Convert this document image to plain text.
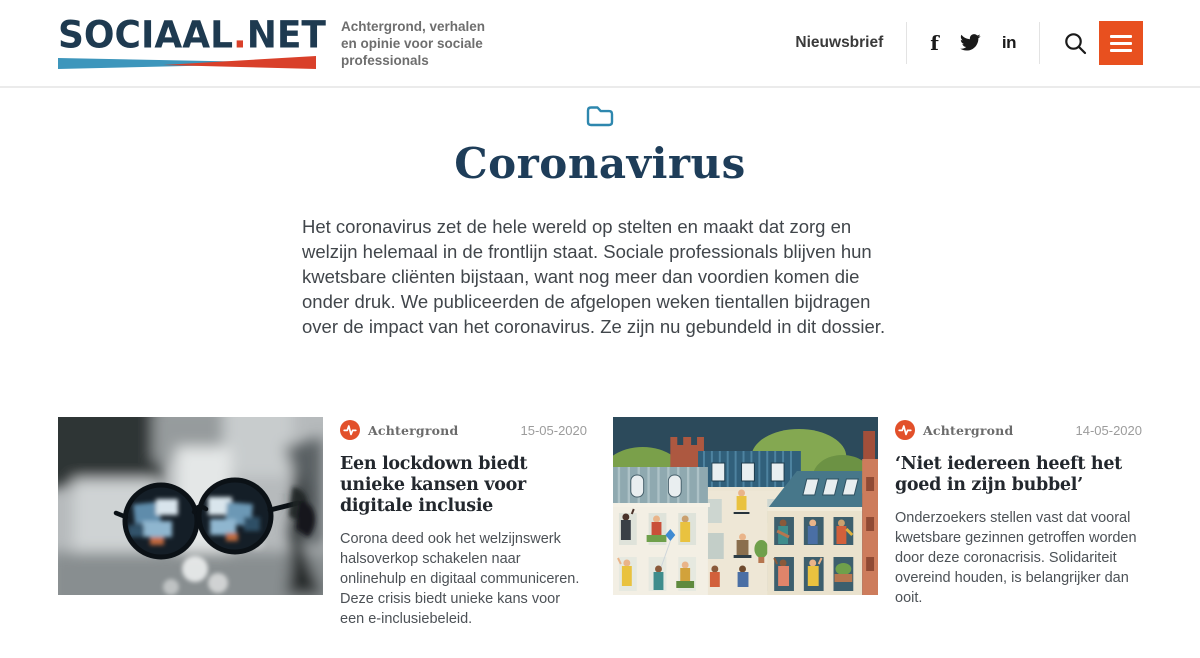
SOCIAAL.NET Achtergrond, verhalen en opinie voor sociale professionals
Nieuwsbrief f	in
Coronavirus

Het coronavirus zet de hele wereld op stelten en maakt dat zorg en welzijn helemaal in de frontlijn staat. Sociale professionals blijven hun kwetsbare cliënten bijstaan, want nog meer dan voordien komen die onder druk. We publiceerden de afgelopen weken tientallen bijdragen over de impact van het coronavirus. Ze zijn nu gebundeld in dit dossier.

Achtergrond	15-05-2020
Een lockdown biedt unieke kansen voor digitale inclusie

Corona deed ook het welzijnswerk halsoverkop schakelen naar onlinehulp en digitaal communiceren. Deze crisis biedt unieke kans voor een e-inclusiebeleid.

Achtergrond	14-05-2020
‘Niet iedereen heeft het goed in zijn bubbel’

Onderzoekers stellen vast dat vooral kwetsbare gezinnen getroffen worden door deze coronacrisis. Solidariteit overeind houden, is belangrijker dan ooit.
